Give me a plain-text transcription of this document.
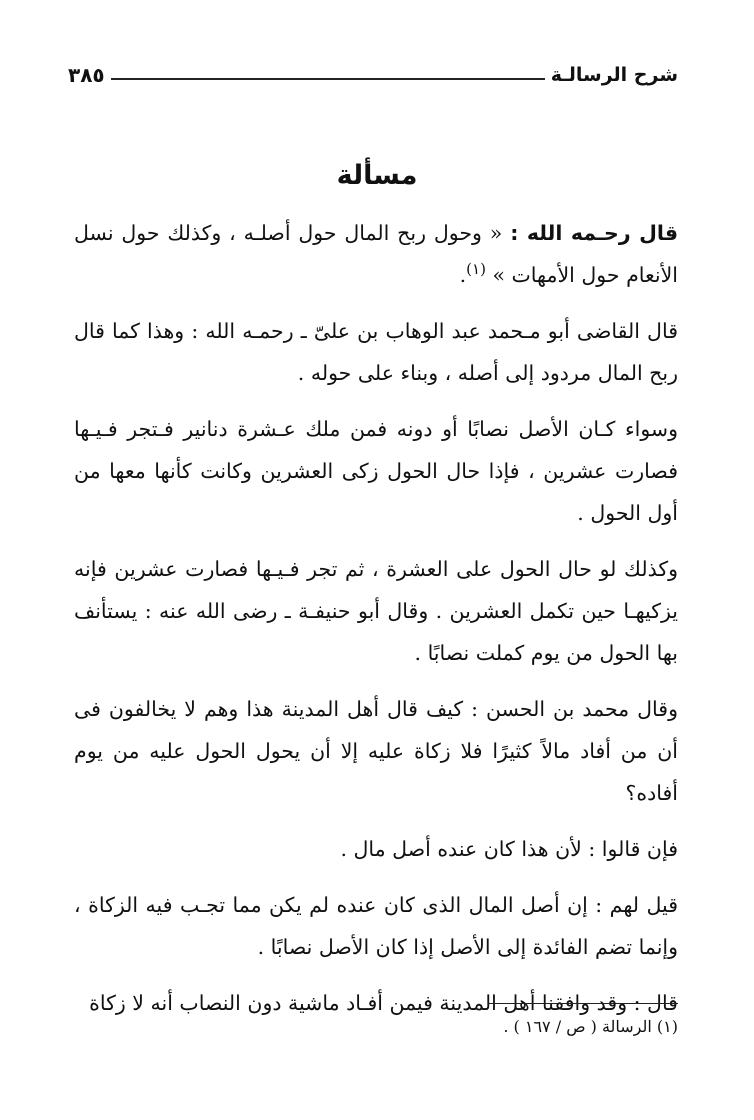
شرح الرسالـة
٣٨٥
مسألة

قال رحـمه الله : « وحول ربح المال حول أصلـه ، وكذلك حول نسل الأنعام حول الأمهات » $^{(١)}$.

قال القاضى أبو مـحمد عبد الوهاب بن علىّ ـ رحمـه الله : وهذا كما قال ربح المال مردود إلى أصله ، وبناء على حوله .

وسواء كـان الأصل نصابًا أو دونه فمن ملك عـشرة دنانير فـتجر فـيـها فصارت عشرين ، فإذا حال الحول زكى العشرين وكانت كأنها معها من أول الحول .

وكذلك لو حال الحول على العشرة ، ثم تجر فـيـها فصارت عشرين فإنه يزكيهـا حين تكمل العشرين . وقال أبو حنيفـة ـ رضى الله عنه : يستأنف بها الحول من يوم كملت نصابًا .

وقال محمد بن الحسن : كيف قال أهل المدينة هذا وهم لا يخالفون فى أن من أفاد مالاً كثيرًا فلا زكاة عليه إلا أن يحول الحول عليه من يوم أفاده؟

فإن قالوا : لأن هذا كان عنده أصل مال .

قيل لهم : إن أصل المال الذى كان عنده لم يكن مما تجـب فيه الزكاة ، وإنما تضم الفائدة إلى الأصل إذا كان الأصل نصابًا .

قال : وقد وافقنا أهل المدينة فيمن أفـاد ماشية دون النصاب أنه لا زكاة

(١) الرسالة ( ص / ١٦٧ ) .
